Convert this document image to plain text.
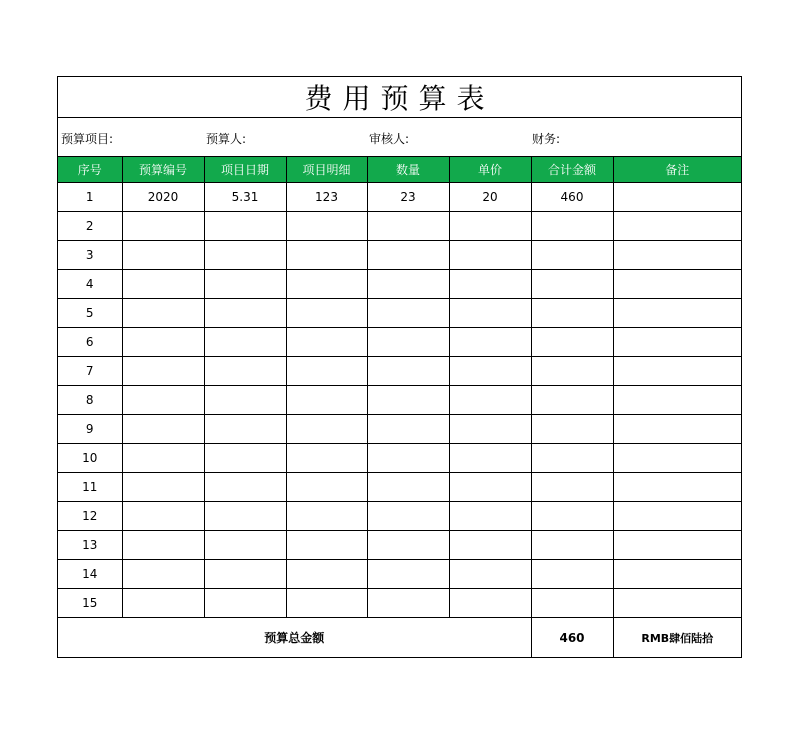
费用预算表
预算项目:	预算人:	审核人:	财务:
序号	预算编号	项目日期	项目明细	数量	单价	合计金额	备注
1	2020	5.31	123	23	20	460	
2							
3							
4							
5							
6							
7							
8							
9							
10							
11							
12							
13							
14							
15							
预算总金额						460	RMB肆佰陆拾
